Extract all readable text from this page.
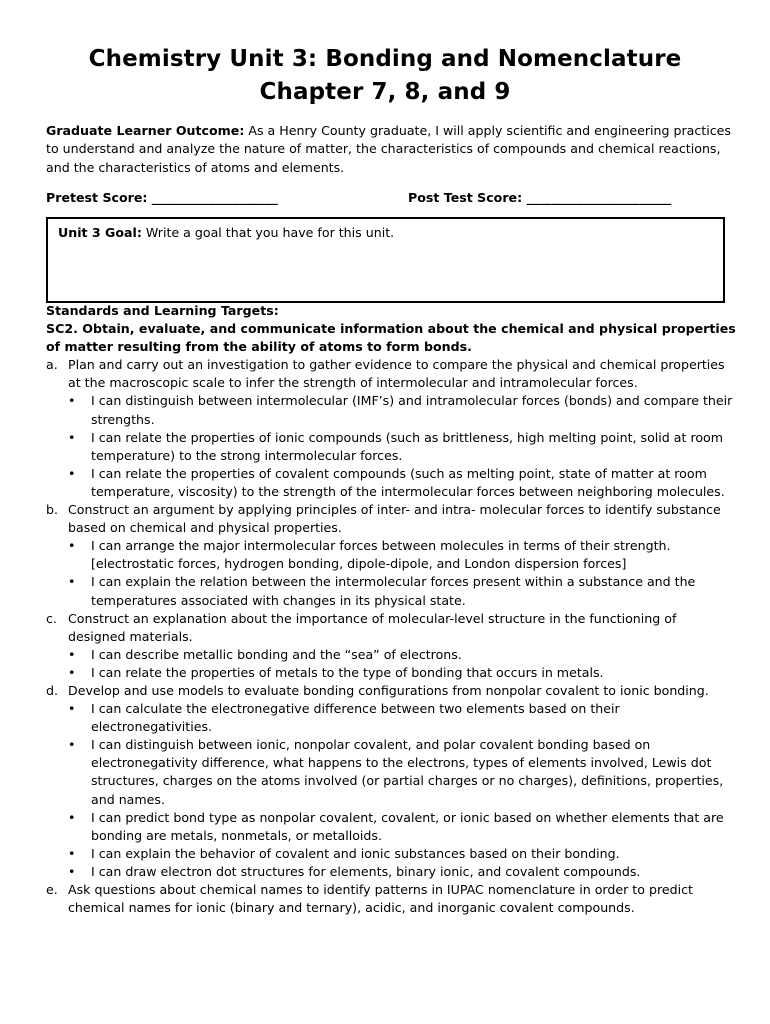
Chemistry Unit 3: Bonding and Nomenclature
Chapter 7, 8, and 9
Graduate Learner Outcome: As a Henry County graduate, I will apply scientific and engineering practices to understand and analyze the nature of matter, the characteristics of compounds and chemical reactions, and the characteristics of atoms and elements.
Pretest Score: ____________________	Post Test Score: _______________________
Unit 3 Goal: Write a goal that you have for this unit.
Standards and Learning Targets:
SC2. Obtain, evaluate, and communicate information about the chemical and physical properties of matter resulting from the ability of atoms to form bonds.
a. Plan and carry out an investigation to gather evidence to compare the physical and chemical properties at the macroscopic scale to infer the strength of intermolecular and intramolecular forces.
• I can distinguish between intermolecular (IMF’s) and intramolecular forces (bonds) and compare their strengths.
• I can relate the properties of ionic compounds (such as brittleness, high melting point, solid at room temperature) to the strong intermolecular forces.
• I can relate the properties of covalent compounds (such as melting point, state of matter at room temperature, viscosity) to the strength of the intermolecular forces between neighboring molecules.
b. Construct an argument by applying principles of inter- and intra- molecular forces to identify substance based on chemical and physical properties.
• I can arrange the major intermolecular forces between molecules in terms of their strength. [electrostatic forces, hydrogen bonding, dipole-dipole, and London dispersion forces]
• I can explain the relation between the intermolecular forces present within a substance and the temperatures associated with changes in its physical state.
c. Construct an explanation about the importance of molecular-level structure in the functioning of designed materials.
• I can describe metallic bonding and the “sea” of electrons.
• I can relate the properties of metals to the type of bonding that occurs in metals.
d. Develop and use models to evaluate bonding configurations from nonpolar covalent to ionic bonding.
• I can calculate the electronegative difference between two elements based on their electronegativities.
• I can distinguish between ionic, nonpolar covalent, and polar covalent bonding based on electronegativity difference, what happens to the electrons, types of elements involved, Lewis dot structures, charges on the atoms involved (or partial charges or no charges), definitions, properties, and names.
• I can predict bond type as nonpolar covalent, covalent, or ionic based on whether elements that are bonding are metals, nonmetals, or metalloids.
• I can explain the behavior of covalent and ionic substances based on their bonding.
• I can draw electron dot structures for elements, binary ionic, and covalent compounds.
e. Ask questions about chemical names to identify patterns in IUPAC nomenclature in order to predict chemical names for ionic (binary and ternary), acidic, and inorganic covalent compounds.
